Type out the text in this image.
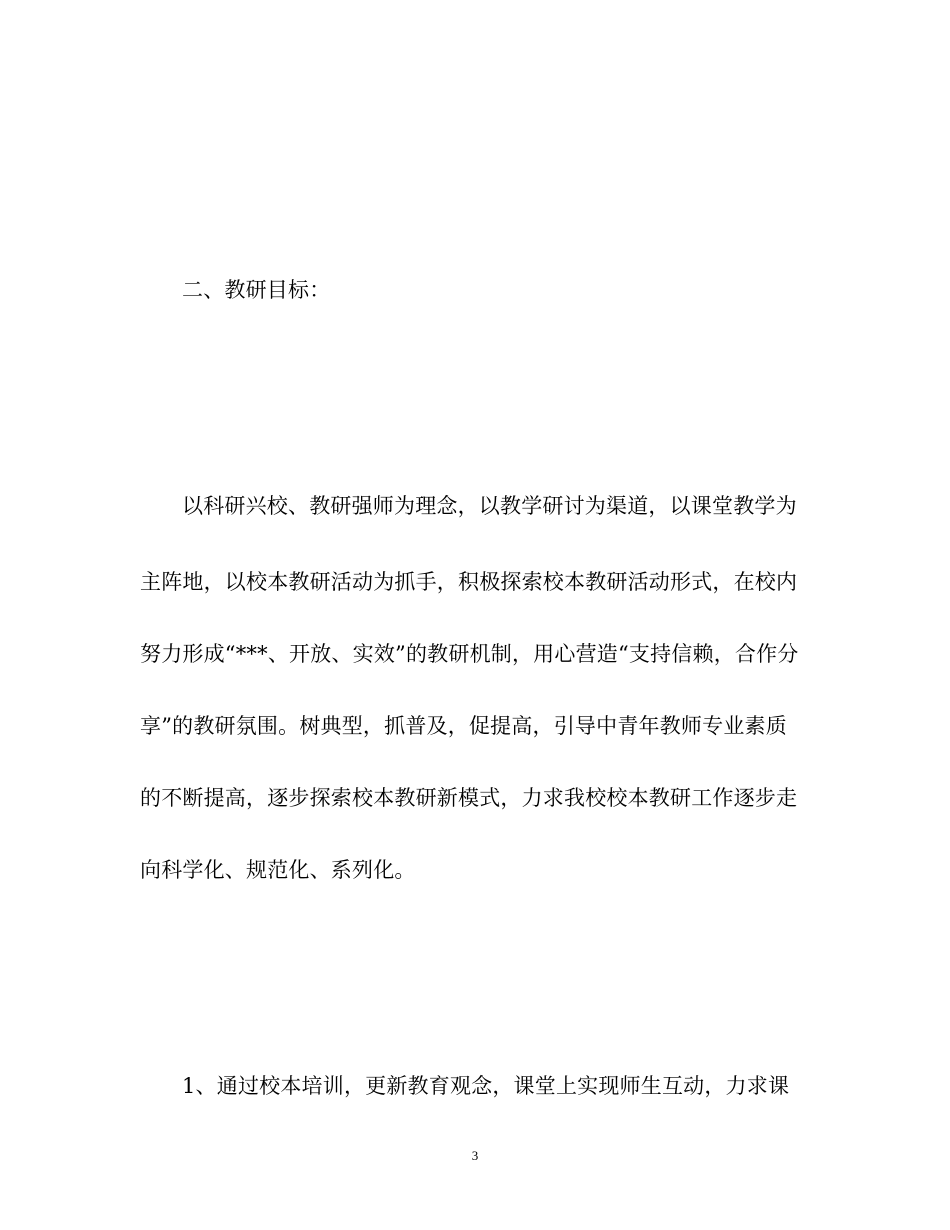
二、教研目标：
以科研兴校、教研强师为理念，以教学研讨为渠道，以课堂教学为
主阵地，以校本教研活动为抓手，积极探索校本教研活动形式，在校内
努力形成“***、开放、实效”的教研机制，用心营造“支持信赖，合作分
享”的教研氛围。树典型，抓普及，促提高，引导中青年教师专业素质
的不断提高，逐步探索校本教研新模式，力求我校校本教研工作逐步走
向科学化、规范化、系列化。
1、通过校本培训，更新教育观念，课堂上实现师生互动，力求课
3
